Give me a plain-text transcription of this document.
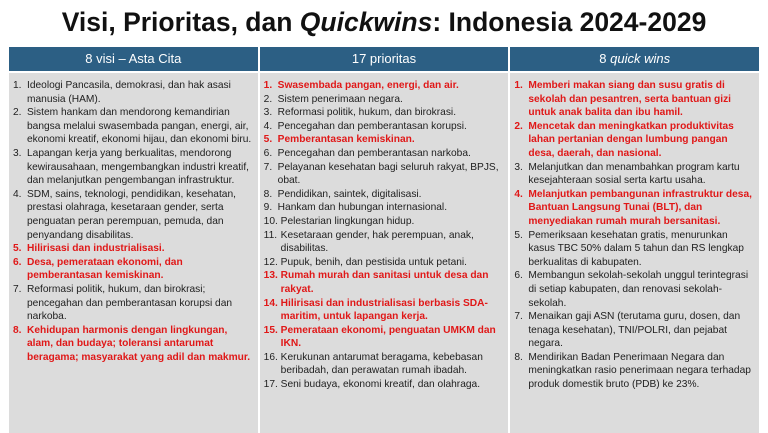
Visi, Prioritas, dan Quickwins: Indonesia 2024-2029
8 visi – Asta Cita
1. Ideologi Pancasila, demokrasi, dan hak asasi manusia (HAM).
2. Sistem hankam dan mendorong kemandirian bangsa melalui swasembada pangan, energi, air, ekonomi kreatif, ekonomi hijau, dan ekonomi biru.
3. Lapangan kerja yang berkualitas, mendorong kewirausahaan, mengembangkan industri kreatif, dan melanjutkan pengembangan infrastruktur.
4. SDM, sains, teknologi, pendidikan, kesehatan, prestasi olahraga, kesetaraan gender, serta penguatan peran perempuan, pemuda, dan penyandang disabilitas.
5. Hilirisasi dan industrialisasi.
6. Desa, pemerataan ekonomi, dan pemberantasan kemiskinan.
7. Reformasi politik, hukum, dan birokrasi; pencegahan dan pemberantasan korupsi dan narkoba.
8. Kehidupan harmonis dengan lingkungan, alam, dan budaya; toleransi antarumat beragama; masyarakat yang adil dan makmur.
17 prioritas
1. Swasembada pangan, energi, dan air.
2. Sistem penerimaan negara.
3. Reformasi politik, hukum, dan birokrasi.
4. Pencegahan dan pemberantasan korupsi.
5. Pemberantasan kemiskinan.
6. Pencegahan dan pemberantasan narkoba.
7. Pelayanan kesehatan bagi seluruh rakyat, BPJS, obat.
8. Pendidikan, saintek, digitalisasi.
9. Hankam dan hubungan internasional.
10. Pelestarian lingkungan hidup.
11. Kesetaraan gender, hak perempuan, anak, disabilitas.
12. Pupuk, benih, dan pestisida untuk petani.
13. Rumah murah dan sanitasi untuk desa dan rakyat.
14. Hilirisasi dan industrialisasi berbasis SDA-maritim, untuk lapangan kerja.
15. Pemerataan ekonomi, penguatan UMKM dan IKN.
16. Kerukunan antarumat beragama, kebebasan beribadah, dan perawatan rumah ibadah.
17. Seni budaya, ekonomi kreatif, dan olahraga.
8 quick wins
1. Memberi makan siang dan susu gratis di sekolah dan pesantren, serta bantuan gizi untuk anak balita dan ibu hamil.
2. Mencetak dan meningkatkan produktivitas lahan pertanian dengan lumbung pangan desa, daerah, dan nasional.
3. Melanjutkan dan menambahkan program kartu kesejahteraan sosial serta kartu usaha.
4. Melanjutkan pembangunan infrastruktur desa, Bantuan Langsung Tunai (BLT), dan menyediakan rumah murah bersanitasi.
5. Pemeriksaan kesehatan gratis, menurunkan kasus TBC 50% dalam 5 tahun dan RS lengkap berkualitas di kabupaten.
6. Membangun sekolah-sekolah unggul terintegrasi di setiap kabupaten, dan renovasi sekolah-sekolah.
7. Menaikan gaji ASN (terutama guru, dosen, dan tenaga kesehatan), TNI/POLRI, dan pejabat negara.
8. Mendirikan Badan Penerimaan Negara dan meningkatkan rasio penerimaan negara terhadap produk domestik bruto (PDB) ke 23%.
